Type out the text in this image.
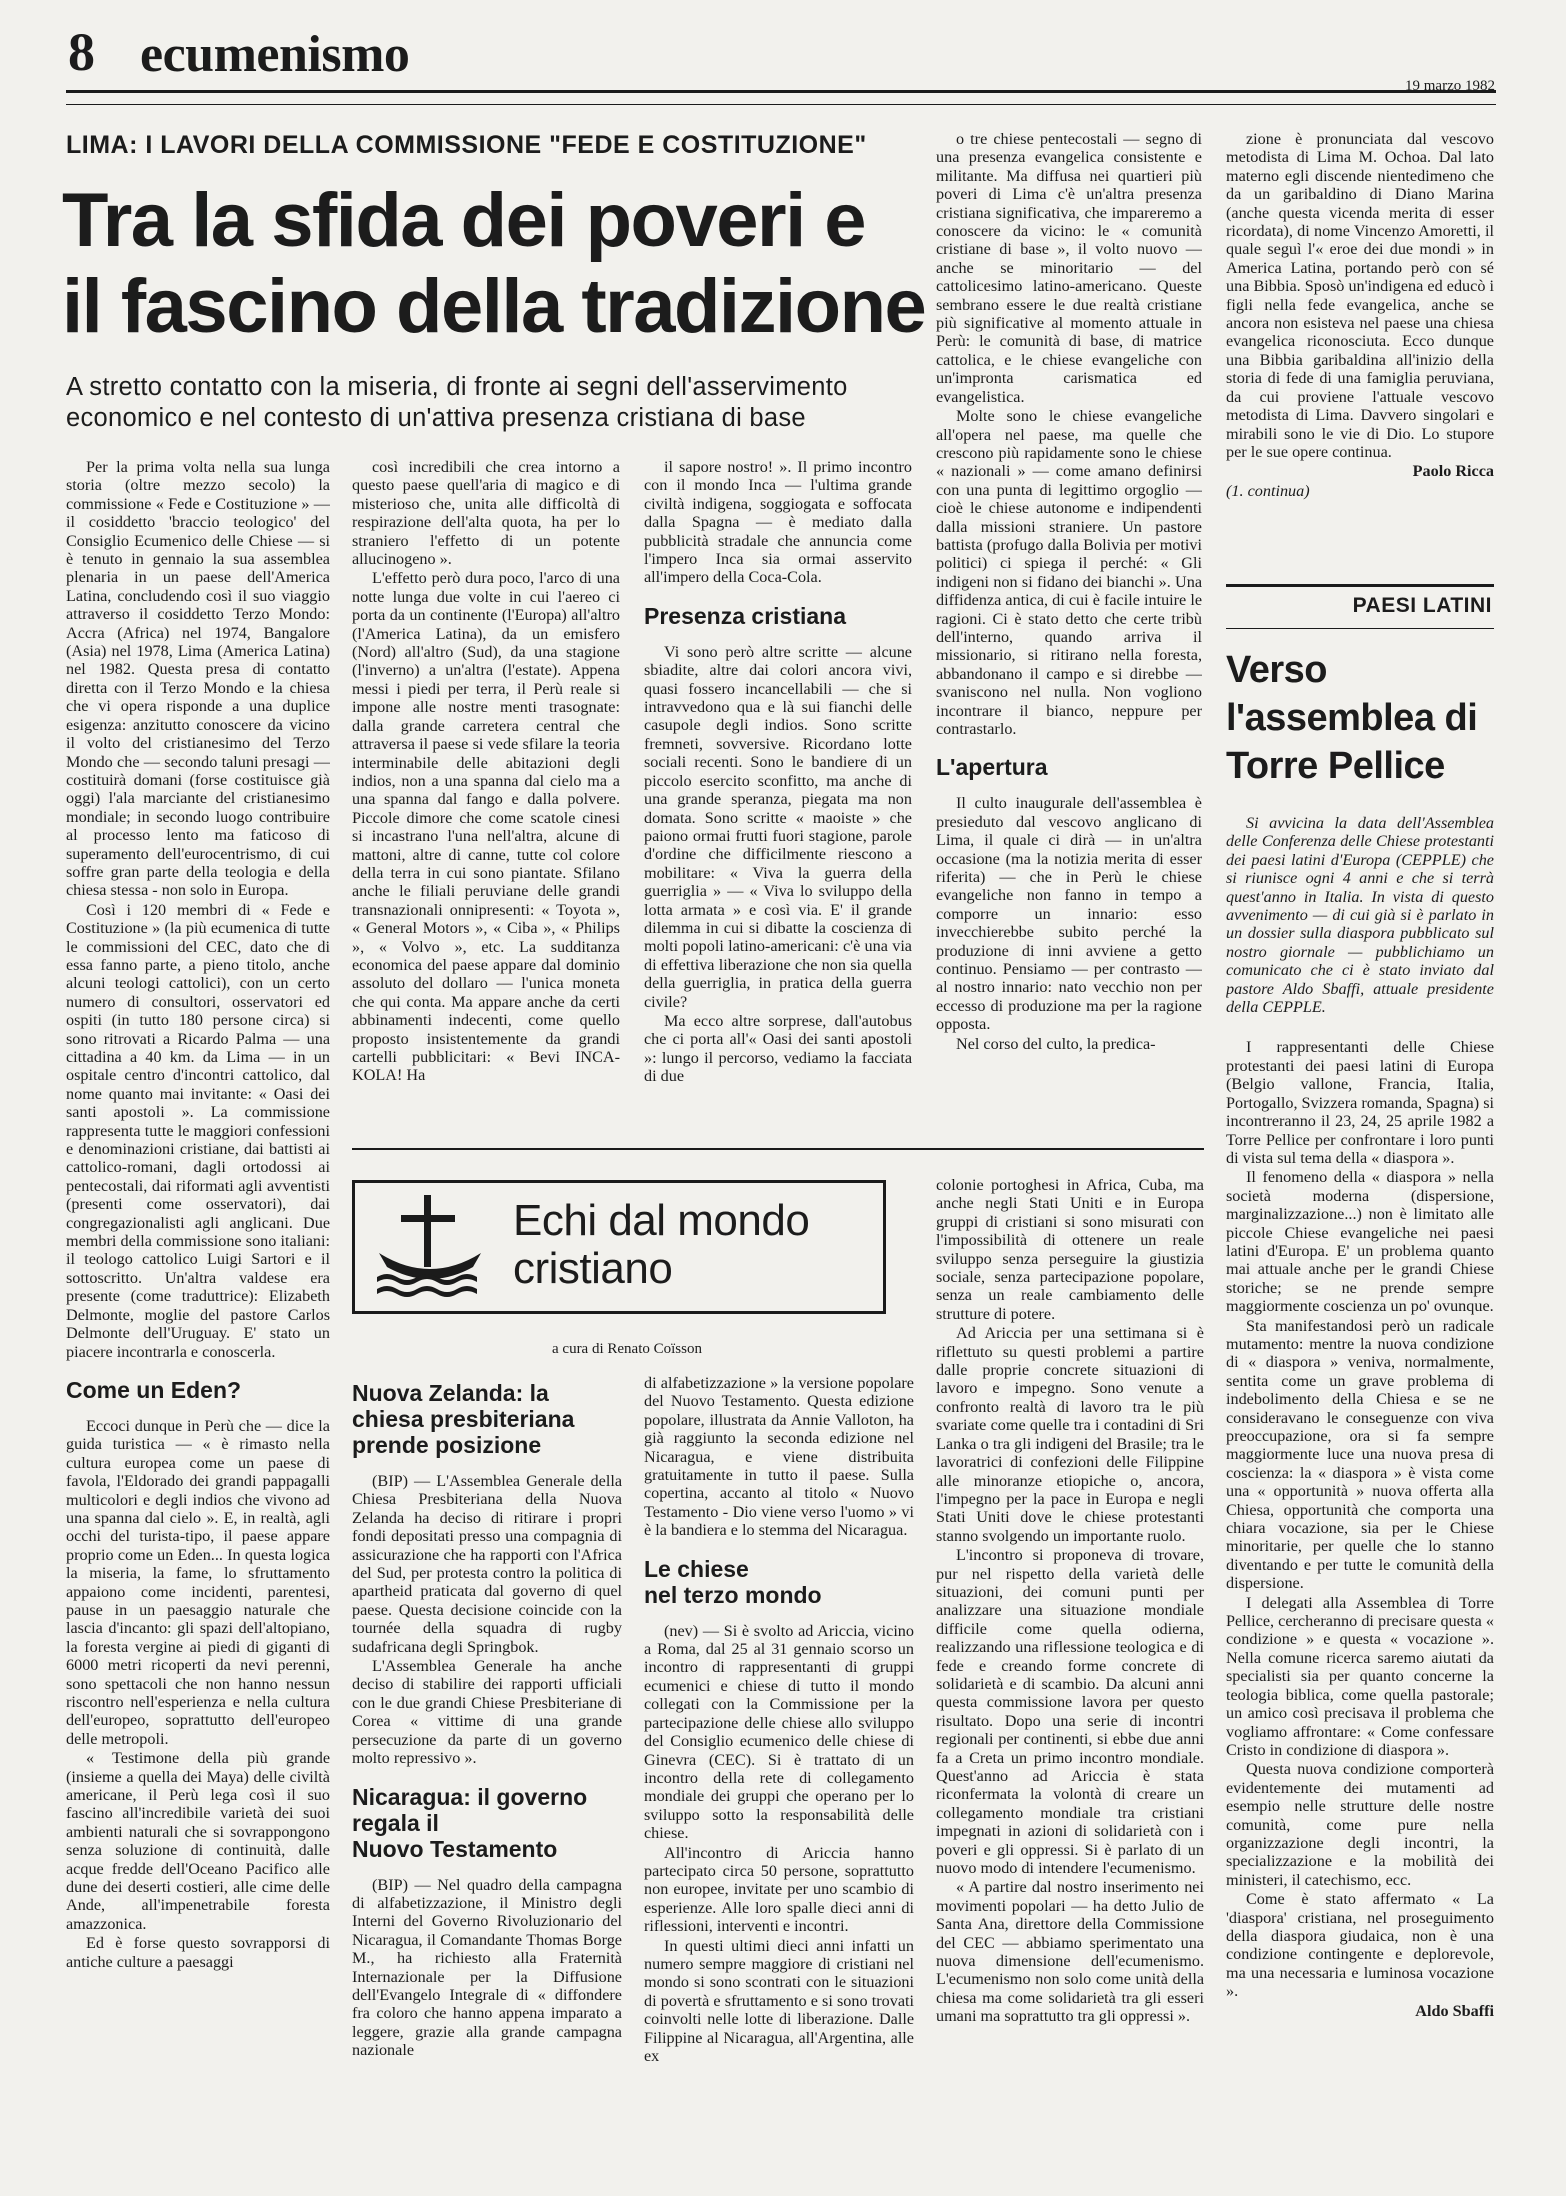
8 ecumenismo
19 marzo 1982
LIMA: I LAVORI DELLA COMMISSIONE "FEDE E COSTITUZIONE"
Tra la sfida dei poveri e
il fascino della tradizione
A stretto contatto con la miseria, di fronte ai segni dell'asservimento
economico e nel contesto di un'attiva presenza cristiana di base

Per la prima volta nella sua lunga storia (oltre mezzo secolo) la commissione « Fede e Costituzione » — il cosiddetto 'braccio teologico' del Consiglio Ecumenico delle Chiese — si è tenuto in gennaio la sua assemblea plenaria in un paese dell'America Latina, concludendo così il suo viaggio attraverso il cosiddetto Terzo Mondo: Accra (Africa) nel 1974, Bangalore (Asia) nel 1978, Lima (America Latina) nel 1982. Questa presa di contatto diretta con il Terzo Mondo e la chiesa che vi opera risponde a una duplice esigenza: anzitutto conoscere da vicino il volto del cristianesimo del Terzo Mondo che — secondo taluni presagi — costituirà domani (forse costituisce già oggi) l'ala marciante del cristianesimo mondiale; in secondo luogo contribuire al processo lento ma faticoso di superamento dell'eurocentrismo, di cui soffre gran parte della teologia e della chiesa stessa - non solo in Europa.

Così i 120 membri di « Fede e Costituzione » (la più ecumenica di tutte le commissioni del CEC, dato che di essa fanno parte, a pieno titolo, anche alcuni teologi cattolici), con un certo numero di consultori, osservatori ed ospiti (in tutto 180 persone circa) si sono ritrovati a Ricardo Palma — una cittadina a 40 km. da Lima — in un ospitale centro d'incontri cattolico, dal nome quanto mai invitante: « Oasi dei santi apostoli ». La commissione rappresenta tutte le maggiori confessioni e denominazioni cristiane, dai battisti ai cattolico-romani, dagli ortodossi ai pentecostali, dai riformati agli avventisti (presenti come osservatori), dai congregazionalisti agli anglicani. Due membri della commissione sono italiani: il teologo cattolico Luigi Sartori e il sottoscritto. Un'altra valdese era presente (come traduttrice): Elizabeth Delmonte, moglie del pastore Carlos Delmonte dell'Uruguay. E' stato un piacere incontrarla e conoscerla.

Come un Eden?

Eccoci dunque in Perù che — dice la guida turistica — « è rimasto nella cultura europea come un paese di favola, l'Eldorado dei grandi pappagalli multicolori e degli indios che vivono ad una spanna dal cielo ». E, in realtà, agli occhi del turista-tipo, il paese appare proprio come un Eden... In questa logica la miseria, la fame, lo sfruttamento appaiono come incidenti, parentesi, pause in un paesaggio naturale che lascia d'incanto: gli spazi dell'altopiano, la foresta vergine ai piedi di giganti di 6000 metri ricoperti da nevi perenni, sono spettacoli che non hanno nessun riscontro nell'esperienza e nella cultura dell'europeo, soprattutto dell'europeo delle metropoli.

« Testimone della più grande (insieme a quella dei Maya) delle civiltà americane, il Perù lega così il suo fascino all'incredibile varietà dei suoi ambienti naturali che si sovrappongono senza soluzione di continuità, dalle acque fredde dell'Oceano Pacifico alle dune dei deserti costieri, alle cime delle Ande, all'impenetrabile foresta amazzonica.

Ed è forse questo sovrapporsi di antiche culture a paesaggi

così incredibili che crea intorno a questo paese quell'aria di magico e di misterioso che, unita alle difficoltà di respirazione dell'alta quota, ha per lo straniero l'effetto di un potente allucinogeno ».

L'effetto però dura poco, l'arco di una notte lunga due volte in cui l'aereo ci porta da un continente (l'Europa) all'altro (l'America Latina), da un emisfero (Nord) all'altro (Sud), da una stagione (l'inverno) a un'altra (l'estate). Appena messi i piedi per terra, il Perù reale si impone alle nostre menti trasognate: dalla grande carretera central che attraversa il paese si vede sfilare la teoria interminabile delle abitazioni degli indios, non a una spanna dal cielo ma a una spanna dal fango e dalla polvere. Piccole dimore che come scatole cinesi si incastrano l'una nell'altra, alcune di mattoni, altre di canne, tutte col colore della terra in cui sono piantate. Sfilano anche le filiali peruviane delle grandi transnazionali onnipresenti: « Toyota », « General Motors », « Ciba », « Philips », « Volvo », etc. La sudditanza economica del paese appare dal dominio assoluto del dollaro — l'unica moneta che qui conta. Ma appare anche da certi abbinamenti indecenti, come quello proposto insistentemente da grandi cartelli pubblicitari: « Bevi INCA-KOLA! Ha

il sapore nostro! ». Il primo incontro con il mondo Inca — l'ultima grande civiltà indigena, soggiogata e soffocata dalla Spagna — è mediato dalla pubblicità stradale che annuncia come l'impero Inca sia ormai asservito all'impero della Coca-Cola.

Presenza cristiana

Vi sono però altre scritte — alcune sbiadite, altre dai colori ancora vivi, quasi fossero incancellabili — che si intravvedono qua e là sui fianchi delle casupole degli indios. Sono scritte fremneti, sovversive. Ricordano lotte sociali recenti. Sono le bandiere di un piccolo esercito sconfitto, ma anche di una grande speranza, piegata ma non domata. Sono scritte « maoiste » che paiono ormai frutti fuori stagione, parole d'ordine che difficilmente riescono a mobilitare: « Viva la guerra della guerriglia » — « Viva lo sviluppo della lotta armata » e così via. E' il grande dilemma in cui si dibatte la coscienza di molti popoli latino-americani: c'è una via di effettiva liberazione che non sia quella della guerriglia, in pratica della guerra civile?

Ma ecco altre sorprese, dall'autobus che ci porta all'« Oasi dei santi apostoli »: lungo il percorso, vediamo la facciata di due

o tre chiese pentecostali — segno di una presenza evangelica consistente e militante. Ma diffusa nei quartieri più poveri di Lima c'è un'altra presenza cristiana significativa, che impareremo a conoscere da vicino: le « comunità cristiane di base », il volto nuovo — anche se minoritario — del cattolicesimo latino-americano. Queste sembrano essere le due realtà cristiane più significative al momento attuale in Perù: le comunità di base, di matrice cattolica, e le chiese evangeliche con un'impronta carismatica ed evangelistica.

Molte sono le chiese evangeliche all'opera nel paese, ma quelle che crescono più rapidamente sono le chiese « nazionali » — come amano definirsi con una punta di legittimo orgoglio — cioè le chiese autonome e indipendenti dalla missioni straniere. Un pastore battista (profugo dalla Bolivia per motivi politici) ci spiega il perché: « Gli indigeni non si fidano dei bianchi ». Una diffidenza antica, di cui è facile intuire le ragioni. Ci è stato detto che certe tribù dell'interno, quando arriva il missionario, si ritirano nella foresta, abbandonano il campo e si direbbe — svaniscono nel nulla. Non vogliono incontrare il bianco, neppure per contrastarlo.

L'apertura

Il culto inaugurale dell'assemblea è presieduto dal vescovo anglicano di Lima, il quale ci dirà — in un'altra occasione (ma la notizia merita di esser riferita) — che in Perù le chiese evangeliche non fanno in tempo a comporre un innario: esso invecchierebbe subito perché la produzione di inni avviene a getto continuo. Pensiamo — per contrasto — al nostro innario: nato vecchio non per eccesso di produzione ma per la ragione opposta.

Nel corso del culto, la predica-

zione è pronunciata dal vescovo metodista di Lima M. Ochoa. Dal lato materno egli discende nientedimeno che da un garibaldino di Diano Marina (anche questa vicenda merita di esser ricordata), di nome Vincenzo Amoretti, il quale seguì l'« eroe dei due mondi » in America Latina, portando però con sé una Bibbia. Sposò un'indigena ed educò i figli nella fede evangelica, anche se ancora non esisteva nel paese una chiesa evangelica riconosciuta. Ecco dunque una Bibbia garibaldina all'inizio della storia di fede di una famiglia peruviana, da cui proviene l'attuale vescovo metodista di Lima. Davvero singolari e mirabili sono le vie di Dio. Lo stupore per le sue opere continua.

Paolo Ricca

(1. continua)

PAESI LATINI
Verso
l'assemblea di
Torre Pellice

Si avvicina la data dell'Assemblea delle Conferenza delle Chiese protestanti dei paesi latini d'Europa (CEPPLE) che si riunisce ogni 4 anni e che si terrà quest'anno in Italia. In vista di questo avvenimento — di cui già si è parlato in un dossier sulla diaspora pubblicato sul nostro giornale — pubblichiamo un comunicato che ci è stato inviato dal pastore Aldo Sbaffi, attuale presidente della CEPPLE.

I rappresentanti delle Chiese protestanti dei paesi latini di Europa (Belgio vallone, Francia, Italia, Portogallo, Svizzera romanda, Spagna) si incontreranno il 23, 24, 25 aprile 1982 a Torre Pellice per confrontare i loro punti di vista sul tema della « diaspora ».

Il fenomeno della « diaspora » nella società moderna (dispersione, marginalizzazione...) non è limitato alle piccole Chiese evangeliche nei paesi latini d'Europa. E' un problema quanto mai attuale anche per le grandi Chiese storiche; se ne prende sempre maggiormente coscienza un po' ovunque.

Sta manifestandosi però un radicale mutamento: mentre la nuova condizione di « diaspora » veniva, normalmente, sentita come un grave problema di indebolimento della Chiesa e se ne consideravano le conseguenze con viva preoccupazione, ora si fa sempre maggiormente luce una nuova presa di coscienza: la « diaspora » è vista come una « opportunità » nuova offerta alla Chiesa, opportunità che comporta una chiara vocazione, sia per le Chiese minoritarie, per quelle che lo stanno diventando e per tutte le comunità della dispersione.

I delegati alla Assemblea di Torre Pellice, cercheranno di precisare questa « condizione » e questa « vocazione ». Nella comune ricerca saremo aiutati da specialisti sia per quanto concerne la teologia biblica, come quella pastorale; un amico così precisava il problema che vogliamo affrontare: « Come confessare Cristo in condizione di diaspora ».

Questa nuova condizione comporterà evidentemente dei mutamenti ad esempio nelle strutture delle nostre comunità, come pure nella organizzazione degli incontri, la specializzazione e la mobilità dei ministeri, il catechismo, ecc.

Come è stato affermato « La 'diaspora' cristiana, nel proseguimento della diaspora giudaica, non è una condizione contingente e deplorevole, ma una necessaria e luminosa vocazione ».

Aldo Sbaffi

Echi dal mondo
cristiano
a cura di Renato Coïsson
Nuova Zelanda: la
chiesa presbiteriana
prende posizione

(BIP) — L'Assemblea Generale della Chiesa Presbiteriana della Nuova Zelanda ha deciso di ritirare i propri fondi depositati presso una compagnia di assicurazione che ha rapporti con l'Africa del Sud, per protesta contro la politica di apartheid praticata dal governo di quel paese. Questa decisione coincide con la tournée della squadra di rugby sudafricana degli Springbok.

L'Assemblea Generale ha anche deciso di stabilire dei rapporti ufficiali con le due grandi Chiese Presbiteriane di Corea « vittime di una grande persecuzione da parte di un governo molto repressivo ».

Nicaragua: il governo
regala il
Nuovo Testamento

(BIP) — Nel quadro della campagna di alfabetizzazione, il Ministro degli Interni del Governo Rivoluzionario del Nicaragua, il Comandante Thomas Borge M., ha richiesto alla Fraternità Internazionale per la Diffusione dell'Evangelo Integrale di « diffondere fra coloro che hanno appena imparato a leggere, grazie alla grande campagna nazionale

di alfabetizzazione » la versione popolare del Nuovo Testamento. Questa edizione popolare, illustrata da Annie Valloton, ha già raggiunto la seconda edizione nel Nicaragua, e viene distribuita gratuitamente in tutto il paese. Sulla copertina, accanto al titolo « Nuovo Testamento - Dio viene verso l'uomo » vi è la bandiera e lo stemma del Nicaragua.

Le chiese
nel terzo mondo

(nev) — Si è svolto ad Ariccia, vicino a Roma, dal 25 al 31 gennaio scorso un incontro di rappresentanti di gruppi ecumenici e chiese di tutto il mondo collegati con la Commissione per la partecipazione delle chiese allo sviluppo del Consiglio ecumenico delle chiese di Ginevra (CEC). Si è trattato di un incontro della rete di collegamento mondiale dei gruppi che operano per lo sviluppo sotto la responsabilità delle chiese.

All'incontro di Ariccia hanno partecipato circa 50 persone, soprattutto non europee, invitate per uno scambio di esperienze. Alle loro spalle dieci anni di riflessioni, interventi e incontri.

In questi ultimi dieci anni infatti un numero sempre maggiore di cristiani nel mondo si sono scontrati con le situazioni di povertà e sfruttamento e si sono trovati coinvolti nelle lotte di liberazione. Dalle Filippine al Nicaragua, all'Argentina, alle ex

colonie portoghesi in Africa, Cuba, ma anche negli Stati Uniti e in Europa gruppi di cristiani si sono misurati con l'impossibilità di ottenere un reale sviluppo senza perseguire la giustizia sociale, senza partecipazione popolare, senza un reale cambiamento delle strutture di potere.

Ad Ariccia per una settimana si è riflettuto su questi problemi a partire dalle proprie concrete situazioni di lavoro e impegno. Sono venute a confronto realtà di lavoro tra le più svariate come quelle tra i contadini di Sri Lanka o tra gli indigeni del Brasile; tra le lavoratrici di confezioni delle Filippine alle minoranze etiopiche o, ancora, l'impegno per la pace in Europa e negli Stati Uniti dove le chiese protestanti stanno svolgendo un importante ruolo.

L'incontro si proponeva di trovare, pur nel rispetto della varietà delle situazioni, dei comuni punti per analizzare una situazione mondiale difficile come quella odierna, realizzando una riflessione teologica e di fede e creando forme concrete di solidarietà e di scambio. Da alcuni anni questa commissione lavora per questo risultato. Dopo una serie di incontri regionali per continenti, si ebbe due anni fa a Creta un primo incontro mondiale. Quest'anno ad Ariccia è stata riconfermata la volontà di creare un collegamento mondiale tra cristiani impegnati in azioni di solidarietà con i poveri e gli oppressi. Si è parlato di un nuovo modo di intendere l'ecumenismo.

« A partire dal nostro inserimento nei movimenti popolari — ha detto Julio de Santa Ana, direttore della Commissione del CEC — abbiamo sperimentato una nuova dimensione dell'ecumenismo. L'ecumenismo non solo come unità della chiesa ma come solidarietà tra gli esseri umani ma soprattutto tra gli oppressi ».
